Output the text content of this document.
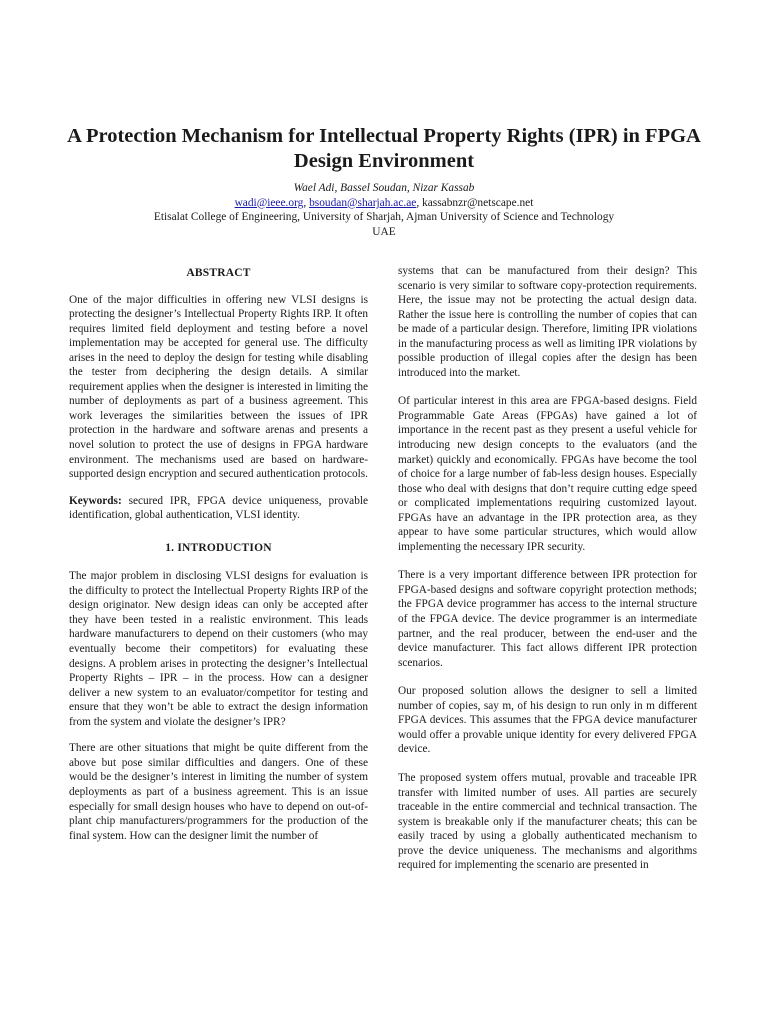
A Protection Mechanism for Intellectual Property Rights (IPR) in FPGA Design Environment
Wael Adi, Bassel Soudan, Nizar Kassab
wadi@ieee.org, bsoudan@sharjah.ac.ae, kassabnzr@netscape.net
Etisalat College of Engineering, University of Sharjah, Ajman University of Science and Technology
UAE
ABSTRACT

One of the major difficulties in offering new VLSI designs is protecting the designer’s Intellectual Property Rights IRP. It often requires limited field deployment and testing before a novel implementation may be accepted for general use. The difficulty arises in the need to deploy the design for testing while disabling the tester from deciphering the design details. A similar requirement applies when the designer is interested in limiting the number of deployments as part of a business agreement. This work leverages the similarities between the issues of IPR protection in the hardware and software arenas and presents a novel solution to protect the use of designs in FPGA hardware environment. The mechanisms used are based on hardware-supported design encryption and secured authentication protocols.

Keywords: secured IPR, FPGA device uniqueness, provable identification, global authentication, VLSI identity.

1. INTRODUCTION

The major problem in disclosing VLSI designs for evaluation is the difficulty to protect the Intellectual Property Rights IRP of the design originator. New design ideas can only be accepted after they have been tested in a realistic environment. This leads hardware manufacturers to depend on their customers (who may eventually become their competitors) for evaluating these designs. A problem arises in protecting the designer’s Intellectual Property Rights – IPR – in the process. How can a designer deliver a new system to an evaluator/competitor for testing and ensure that they won’t be able to extract the design information from the system and violate the designer’s IPR?

There are other situations that might be quite different from the above but pose similar difficulties and dangers. One of these would be the designer’s interest in limiting the number of system deployments as part of a business agreement. This is an issue especially for small design houses who have to depend on out-of-plant chip manufacturers/programmers for the production of the final system. How can the designer limit the number of

systems that can be manufactured from their design? This scenario is very similar to software copy-protection requirements. Here, the issue may not be protecting the actual design data. Rather the issue here is controlling the number of copies that can be made of a particular design. Therefore, limiting IPR violations in the manufacturing process as well as limiting IPR violations by possible production of illegal copies after the design has been introduced into the market.

Of particular interest in this area are FPGA-based designs. Field Programmable Gate Areas (FPGAs) have gained a lot of importance in the recent past as they present a useful vehicle for introducing new design concepts to the evaluators (and the market) quickly and economically. FPGAs have become the tool of choice for a large number of fab-less design houses. Especially those who deal with designs that don’t require cutting edge speed or complicated implementations requiring customized layout. FPGAs have an advantage in the IPR protection area, as they appear to have some particular structures, which would allow implementing the necessary IPR security.

There is a very important difference between IPR protection for FPGA-based designs and software copyright protection methods; the FPGA device programmer has access to the internal structure of the FPGA device. The device programmer is an intermediate partner, and the real producer, between the end-user and the device manufacturer. This fact allows different IPR protection scenarios.

Our proposed solution allows the designer to sell a limited number of copies, say m, of his design to run only in m different FPGA devices. This assumes that the FPGA device manufacturer would offer a provable unique identity for every delivered FPGA device.

The proposed system offers mutual, provable and traceable IPR transfer with limited number of uses. All parties are securely traceable in the entire commercial and technical transaction. The system is breakable only if the manufacturer cheats; this can be easily traced by using a globally authenticated mechanism to prove the device uniqueness. The mechanisms and algorithms required for implementing the scenario are presented in
